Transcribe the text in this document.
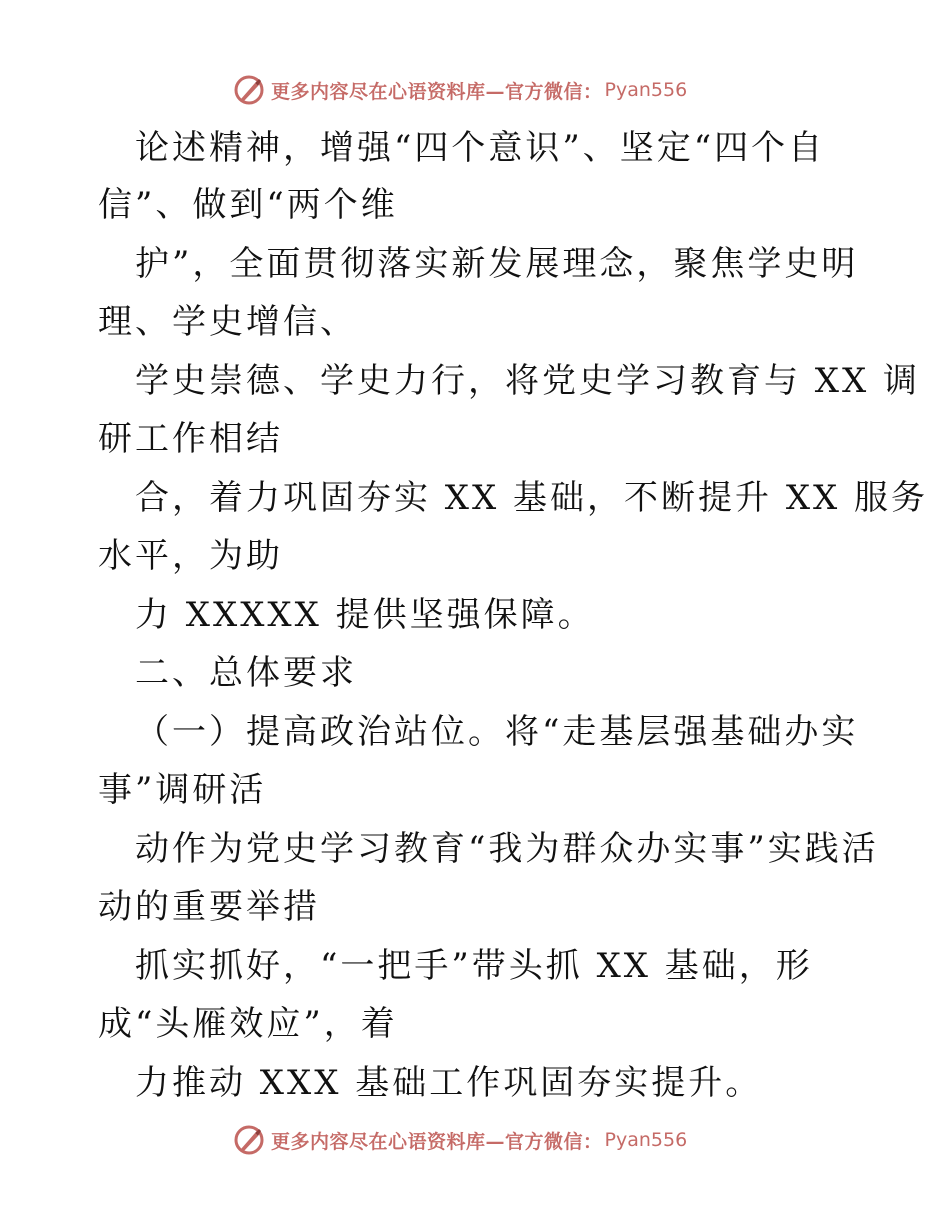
更多内容尽在心语资料库—官方微信： Pyan556
论述精神，增强“四个意识”、坚定“四个自
信”、做到“两个维
护”，全面贯彻落实新发展理念，聚焦学史明
理、学史增信、
学史崇德、学史力行，将党史学习教育与 XX 调
研工作相结
合，着力巩固夯实 XX 基础，不断提升 XX 服务
水平，为助
力 XXXXX 提供坚强保障。
二、总体要求
（一）提高政治站位。将“走基层强基础办实
事”调研活
动作为党史学习教育“我为群众办实事”实践活
动的重要举措
抓实抓好，“一把手”带头抓 XX 基础，形
成“头雁效应”，着
力推动 XXX 基础工作巩固夯实提升。
更多内容尽在心语资料库—官方微信： Pyan556
